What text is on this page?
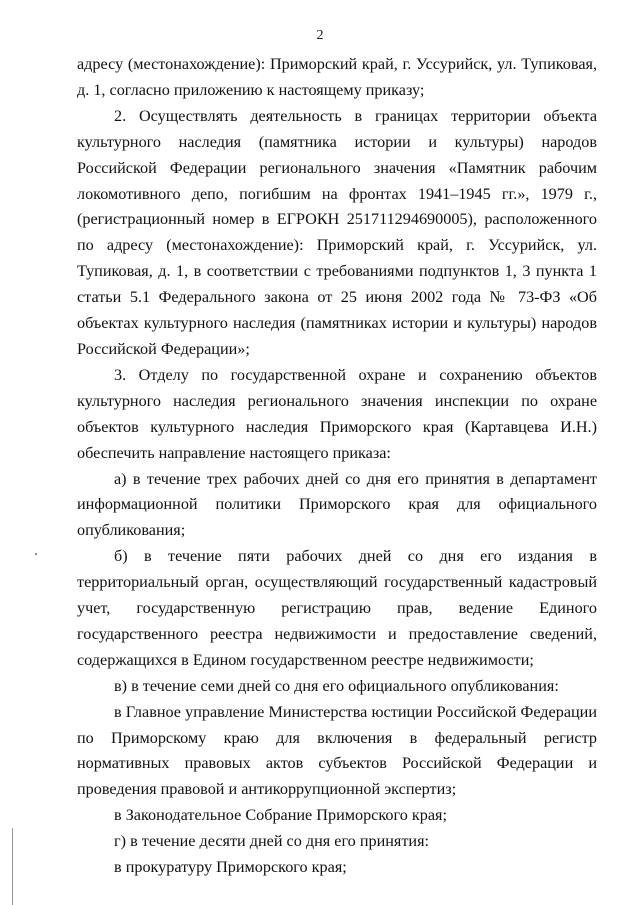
2

адресу (местонахождение): Приморский край, г. Уссурийск, ул. Тупиковая, д. 1, согласно приложению к настоящему приказу;

2. Осуществлять деятельность в границах территории объекта культурного наследия (памятника истории и культуры) народов Российской Федерации регионального значения «Памятник рабочим локомотивного депо, погибшим на фронтах 1941–1945 гг.», 1979 г., (регистрационный номер в ЕГРОКН 251711294690005), расположенного по адресу (местонахождение): Приморский край, г. Уссурийск, ул. Тупиковая, д. 1, в соответствии с требованиями подпунктов 1, 3 пункта 1 статьи 5.1 Федерального закона от 25 июня 2002 года № 73-ФЗ «Об объектах культурного наследия (памятниках истории и культуры) народов Российской Федерации»;

3. Отделу по государственной охране и сохранению объектов культурного наследия регионального значения инспекции по охране объектов культурного наследия Приморского края (Картавцева И.Н.) обеспечить направление настоящего приказа:

а) в течение трех рабочих дней со дня его принятия в департамент информационной политики Приморского края для официального опубликования;

б) в течение пяти рабочих дней со дня его издания в территориальный орган, осуществляющий государственный кадастровый учет, государственную регистрацию прав, ведение Единого государственного реестра недвижимости и предоставление сведений, содержащихся в Едином государственном реестре недвижимости;

в) в течение семи дней со дня его официального опубликования:

в Главное управление Министерства юстиции Российской Федерации по Приморскому краю для включения в федеральный регистр нормативных правовых актов субъектов Российской Федерации и проведения правовой и антикоррупционной экспертиз;

в Законодательное Собрание Приморского края;

г) в течение десяти дней со дня его принятия:

в прокуратуру Приморского края;
